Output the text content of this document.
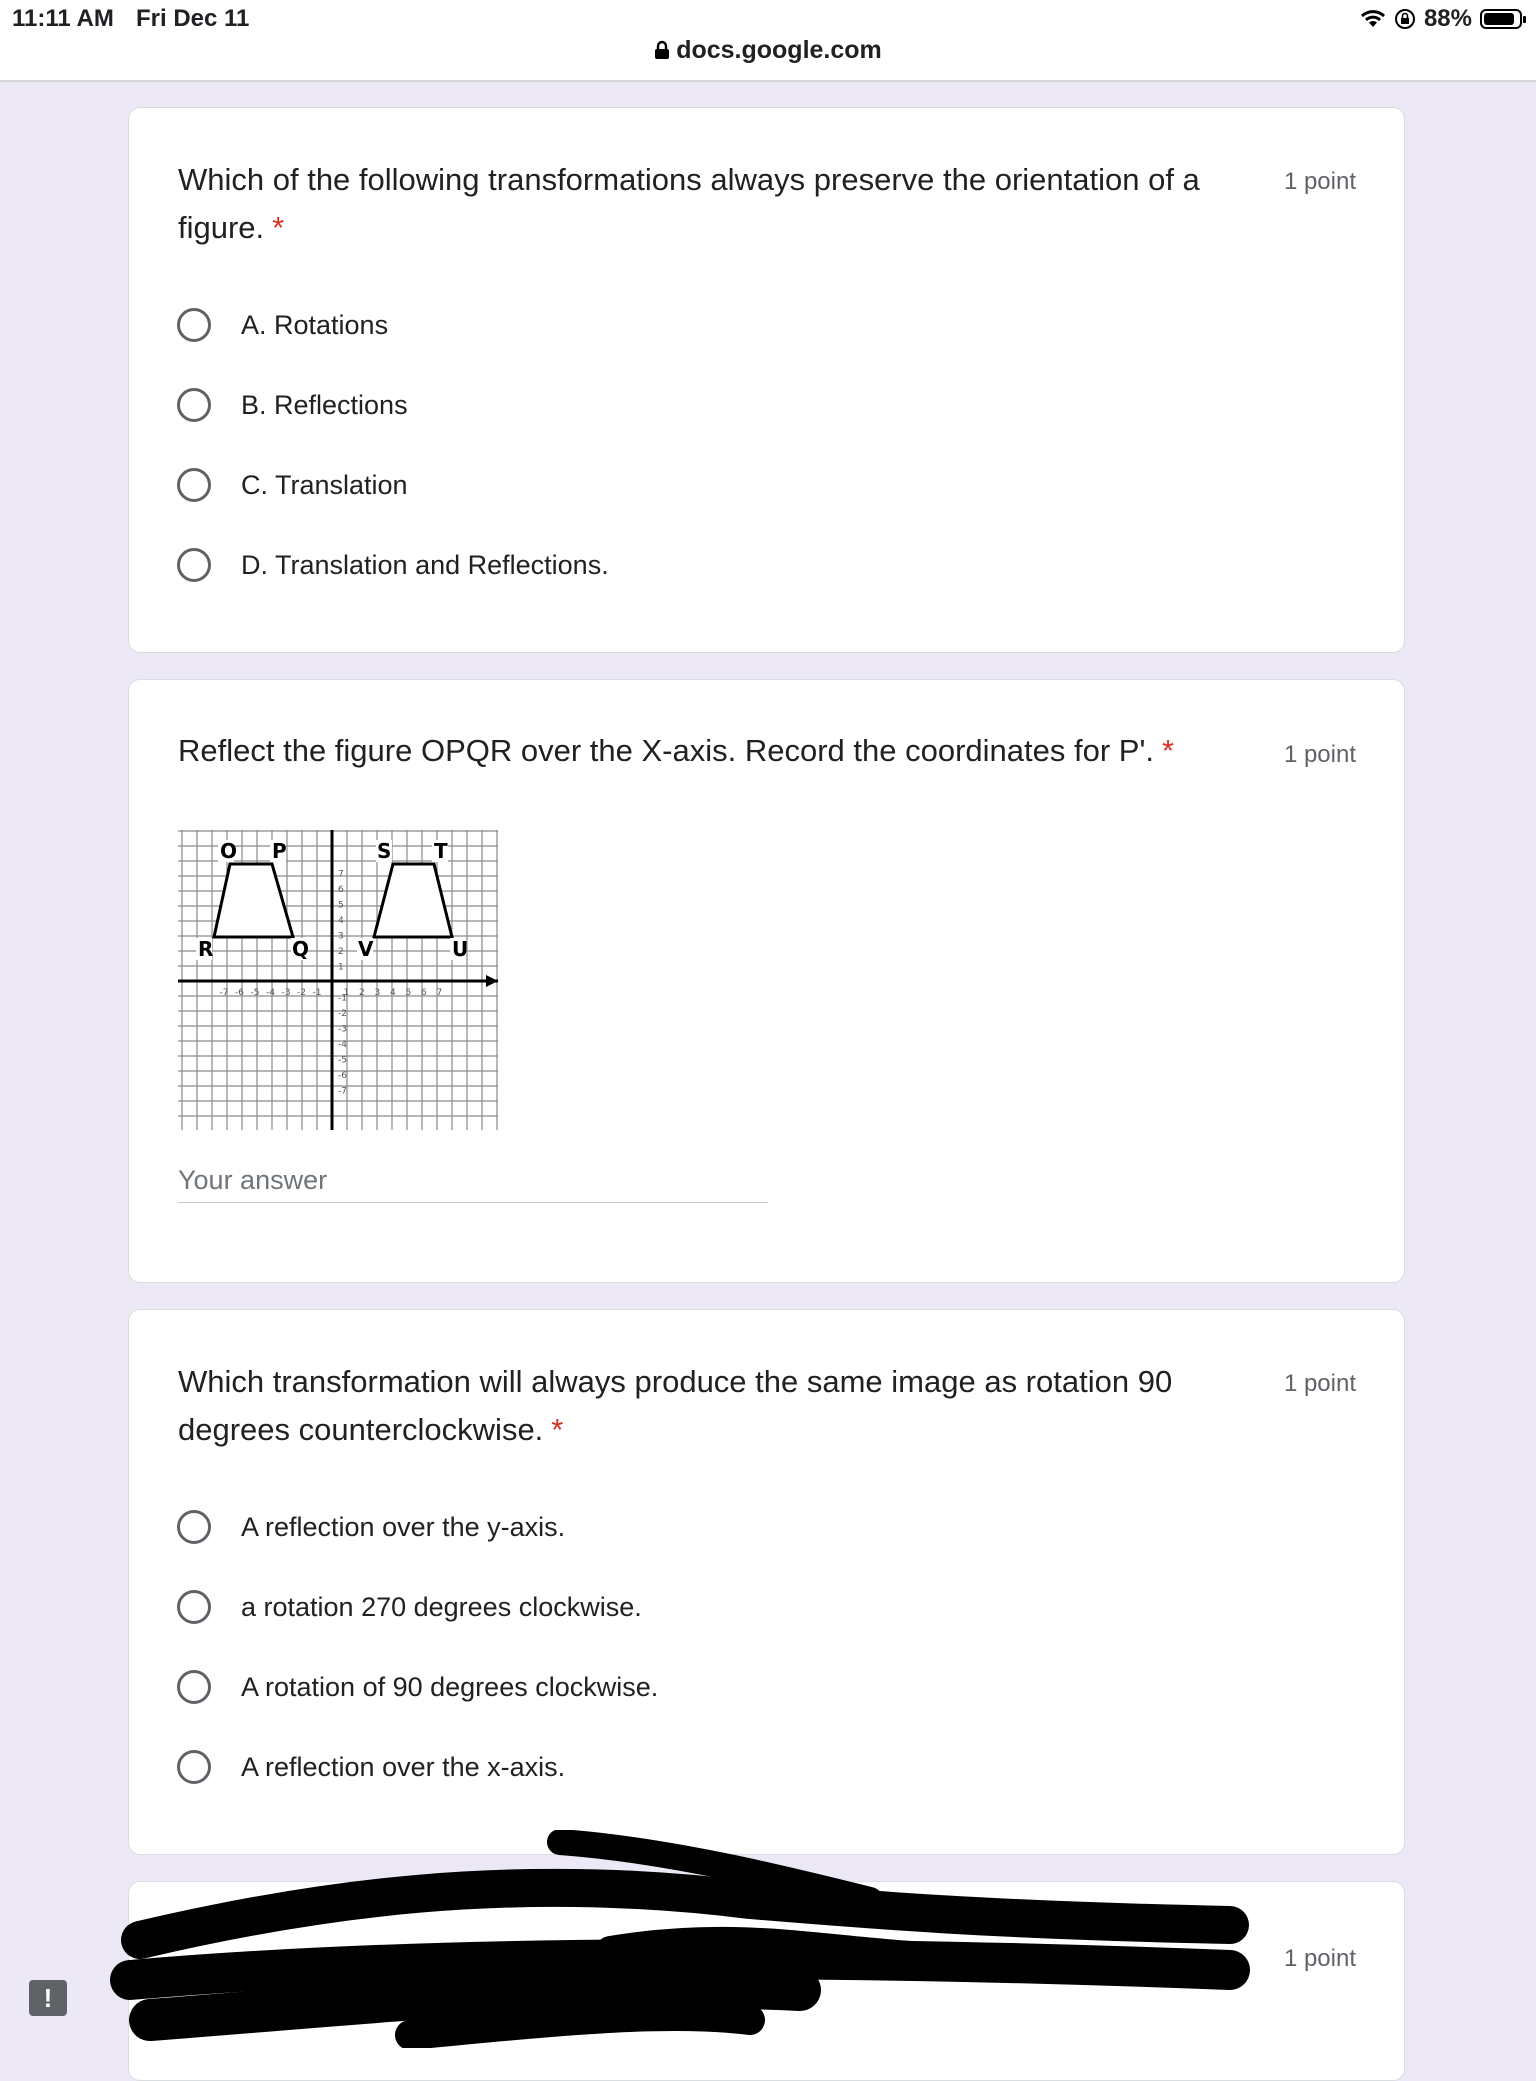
11:11 AM Fri Dec 11	88%
docs.google.com
Which of the following transformations always preserve the orientation of a figure. *
1 point
A. Rotations
B. Reflections
C. Translation
D. Translation and Reflections.
Reflect the figure OPQR over the X-axis. Record the coordinates for P'. *	1 point
O P	S T
R	Q V	U
-7 -6 -5 -4 -3 -2 -1 1 2 3 4 5 6 7
7
6
5
4
3
2
1
-1
-2
-3
-4
-5
-6
-7
Your answer
Which transformation will always produce the same image as rotation 90 degrees counterclockwise. *
1 point
A reflection over the y-axis.
a rotation 270 degrees clockwise.
A rotation of 90 degrees clockwise.
A reflection over the x-axis.
1 point
!
